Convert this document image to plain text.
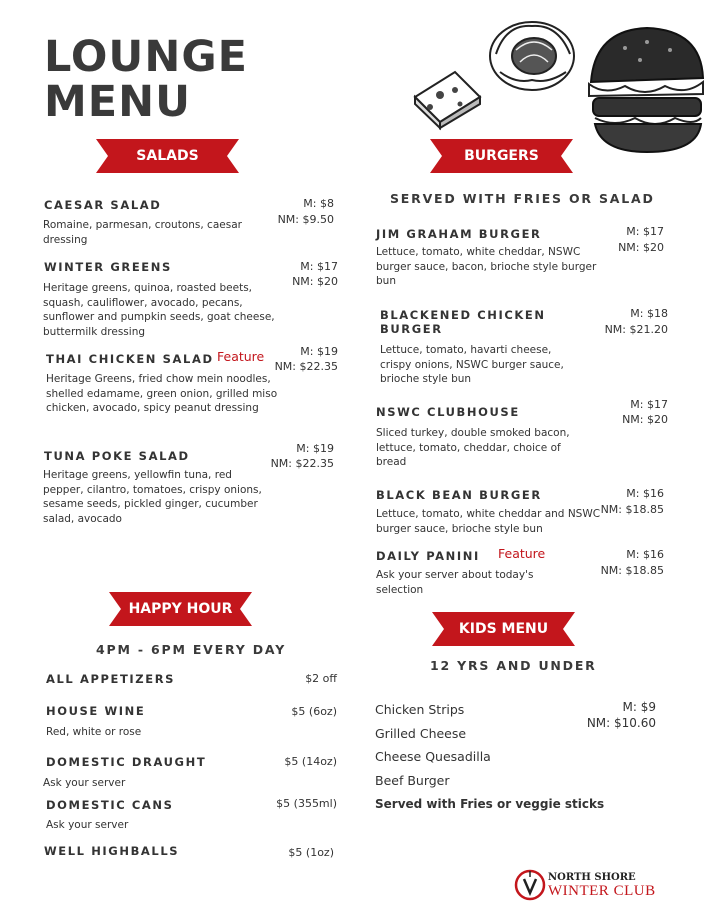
LOUNGE
MENU
SALADS	BURGERS
SERVED WITH FRIES OR SALAD
CAESAR SALAD
Romaine, parmesan, croutons, caesar dressing
M: $8
NM: $9.50
WINTER GREENS
Heritage greens, quinoa, roasted beets, squash, cauliflower, avocado, pecans, sunflower and pumpkin seeds, goat cheese, buttermilk dressing
M: $17
NM: $20
THAI CHICKEN SALAD Feature
Heritage Greens, fried chow mein noodles, shelled edamame, green onion, grilled miso chicken, avocado, spicy peanut dressing
M: $19
NM: $22.35
TUNA POKE SALAD
Heritage greens, yellowfin tuna, red pepper, cilantro, tomatoes, crispy onions, sesame seeds, pickled ginger, cucumber salad, avocado
M: $19
NM: $22.35
JIM GRAHAM BURGER
Lettuce, tomato, white cheddar, NSWC burger sauce, bacon, brioche style burger bun
M: $17
NM: $20
BLACKENED CHICKEN
BURGER
Lettuce, tomato, havarti cheese, crispy onions, NSWC burger sauce, brioche style bun
M: $18
NM: $21.20
NSWC CLUBHOUSE
Sliced turkey, double smoked bacon, lettuce, tomato, cheddar, choice of bread
M: $17
NM: $20
BLACK BEAN BURGER
Lettuce, tomato, white cheddar and NSWC burger sauce, brioche style bun
M: $16
NM: $18.85
DAILY PANINI Feature
Ask your server about today's selection
M: $16
NM: $18.85
HAPPY HOUR
4PM - 6PM EVERY DAY
ALL APPETIZERS	$2 off
HOUSE WINE
Red, white or rose
$5 (6oz)
DOMESTIC DRAUGHT
Ask your server
$5 (14oz)
DOMESTIC CANS
Ask your server
$5 (355ml)
WELL HIGHBALLS	$5 (1oz)
KIDS MENU
12 YRS AND UNDER
Chicken Strips
Grilled Cheese
Cheese Quesadilla
Beef Burger
Served with Fries or veggie sticks
M: $9
NM: $10.60
NORTH SHORE
WINTER CLUB
